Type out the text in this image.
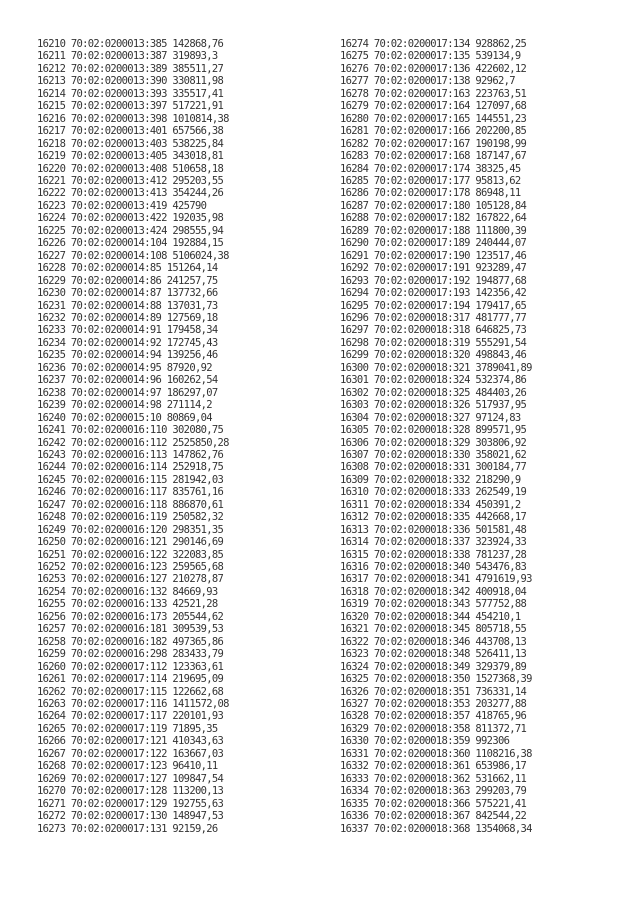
16210 70:02:0200013:385 142868,76
16211 70:02:0200013:387 319893,3
16212 70:02:0200013:389 385511,27
16213 70:02:0200013:390 330811,98
16214 70:02:0200013:393 335517,41
16215 70:02:0200013:397 517221,91
16216 70:02:0200013:398 1010814,38
16217 70:02:0200013:401 657566,38
16218 70:02:0200013:403 538225,84
16219 70:02:0200013:405 343018,81
16220 70:02:0200013:408 510658,18
16221 70:02:0200013:412 295203,55
16222 70:02:0200013:413 354244,26
16223 70:02:0200013:419 425790
16224 70:02:0200013:422 192035,98
16225 70:02:0200013:424 298555,94
16226 70:02:0200014:104 192884,15
16227 70:02:0200014:108 5106024,38
16228 70:02:0200014:85 151264,14
16229 70:02:0200014:86 241257,75
16230 70:02:0200014:87 137732,66
16231 70:02:0200014:88 137031,73
16232 70:02:0200014:89 127569,18
16233 70:02:0200014:91 179458,34
16234 70:02:0200014:92 172745,43
16235 70:02:0200014:94 139256,46
16236 70:02:0200014:95 87920,92
16237 70:02:0200014:96 160262,54
16238 70:02:0200014:97 186297,07
16239 70:02:0200014:98 271114,2
16240 70:02:0200015:10 80869,04
16241 70:02:0200016:110 302080,75
16242 70:02:0200016:112 2525850,28
16243 70:02:0200016:113 147862,76
16244 70:02:0200016:114 252918,75
16245 70:02:0200016:115 281942,03
16246 70:02:0200016:117 835761,16
16247 70:02:0200016:118 886870,61
16248 70:02:0200016:119 250582,32
16249 70:02:0200016:120 298351,35
16250 70:02:0200016:121 290146,69
16251 70:02:0200016:122 322083,85
16252 70:02:0200016:123 259565,68
16253 70:02:0200016:127 210278,87
16254 70:02:0200016:132 84669,93
16255 70:02:0200016:133 42521,28
16256 70:02:0200016:173 205544,62
16257 70:02:0200016:181 309539,53
16258 70:02:0200016:182 497365,86
16259 70:02:0200016:298 283433,79
16260 70:02:0200017:112 123363,61
16261 70:02:0200017:114 219695,09
16262 70:02:0200017:115 122662,68
16263 70:02:0200017:116 1411572,08
16264 70:02:0200017:117 220101,93
16265 70:02:0200017:119 71895,35
16266 70:02:0200017:121 410343,63
16267 70:02:0200017:122 163667,03
16268 70:02:0200017:123 96410,11
16269 70:02:0200017:127 109847,54
16270 70:02:0200017:128 113200,13
16271 70:02:0200017:129 192755,63
16272 70:02:0200017:130 148947,53
16273 70:02:0200017:131 92159,26
16274 70:02:0200017:134 928862,25
16275 70:02:0200017:135 539134,9
16276 70:02:0200017:136 422602,12
16277 70:02:0200017:138 92962,7
16278 70:02:0200017:163 223763,51
16279 70:02:0200017:164 127097,68
16280 70:02:0200017:165 144551,23
16281 70:02:0200017:166 202200,85
16282 70:02:0200017:167 190198,99
16283 70:02:0200017:168 187147,67
16284 70:02:0200017:174 38325,45
16285 70:02:0200017:177 95813,62
16286 70:02:0200017:178 86948,11
16287 70:02:0200017:180 105128,84
16288 70:02:0200017:182 167822,64
16289 70:02:0200017:188 111800,39
16290 70:02:0200017:189 240444,07
16291 70:02:0200017:190 123517,46
16292 70:02:0200017:191 923289,47
16293 70:02:0200017:192 194877,68
16294 70:02:0200017:193 142356,42
16295 70:02:0200017:194 179417,65
16296 70:02:0200018:317 481777,77
16297 70:02:0200018:318 646825,73
16298 70:02:0200018:319 555291,54
16299 70:02:0200018:320 498843,46
16300 70:02:0200018:321 3789041,89
16301 70:02:0200018:324 532374,86
16302 70:02:0200018:325 484403,26
16303 70:02:0200018:326 517937,95
16304 70:02:0200018:327 97124,83
16305 70:02:0200018:328 899571,95
16306 70:02:0200018:329 303806,92
16307 70:02:0200018:330 358021,62
16308 70:02:0200018:331 300184,77
16309 70:02:0200018:332 218290,9
16310 70:02:0200018:333 262549,19
16311 70:02:0200018:334 450391,2
16312 70:02:0200018:335 442668,17
16313 70:02:0200018:336 501581,48
16314 70:02:0200018:337 323924,33
16315 70:02:0200018:338 781237,28
16316 70:02:0200018:340 543476,83
16317 70:02:0200018:341 4791619,93
16318 70:02:0200018:342 400918,04
16319 70:02:0200018:343 577752,88
16320 70:02:0200018:344 454210,1
16321 70:02:0200018:345 805718,55
16322 70:02:0200018:346 443708,13
16323 70:02:0200018:348 526411,13
16324 70:02:0200018:349 329379,89
16325 70:02:0200018:350 1527368,39
16326 70:02:0200018:351 736331,14
16327 70:02:0200018:353 203277,88
16328 70:02:0200018:357 418765,96
16329 70:02:0200018:358 811372,71
16330 70:02:0200018:359 992306
16331 70:02:0200018:360 1108216,38
16332 70:02:0200018:361 653986,17
16333 70:02:0200018:362 531662,11
16334 70:02:0200018:363 299203,79
16335 70:02:0200018:366 575221,41
16336 70:02:0200018:367 842544,22
16337 70:02:0200018:368 1354068,34
